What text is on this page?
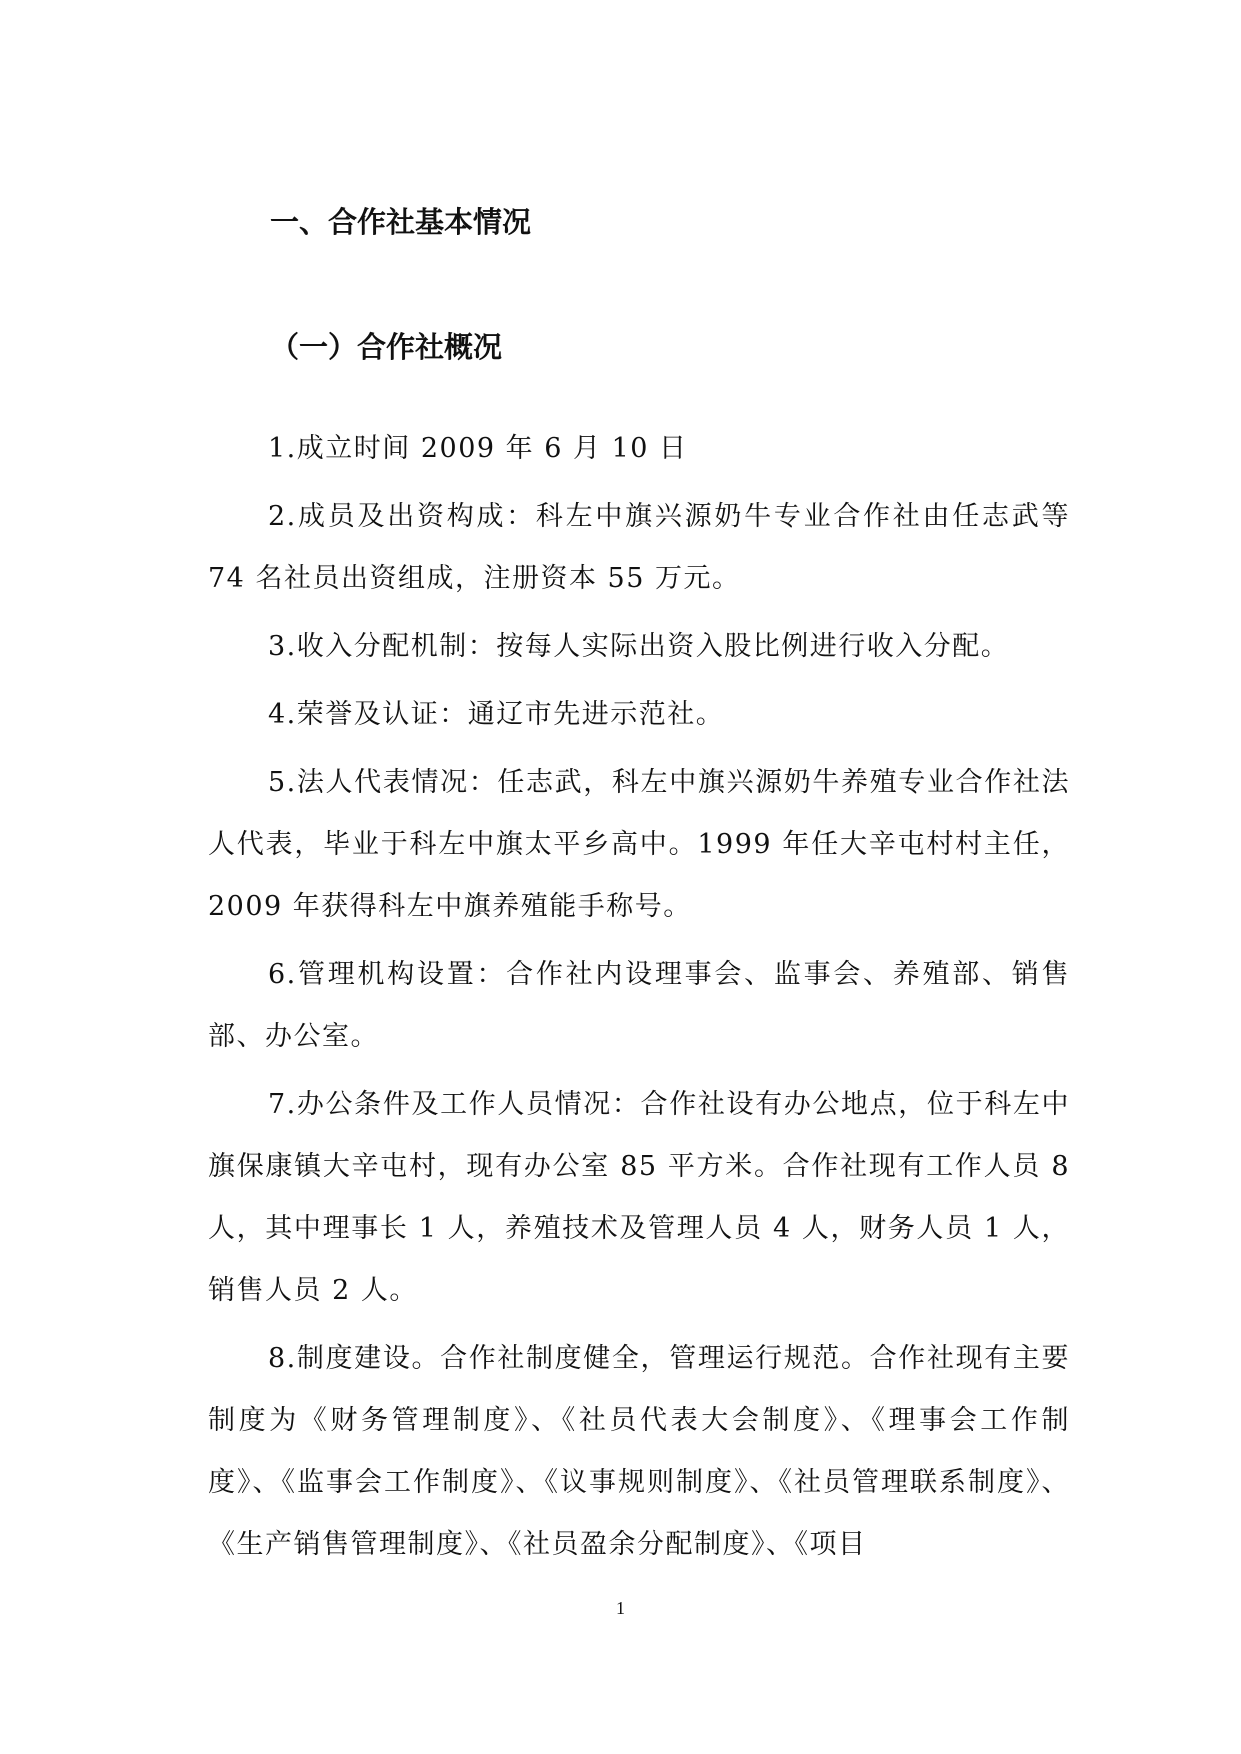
一、合作社基本情况
（一）合作社概况

1.成立时间 2009 年 6 月 10 日

2.成员及出资构成：科左中旗兴源奶牛专业合作社由任志武等 74 名社员出资组成，注册资本 55 万元。

3.收入分配机制：按每人实际出资入股比例进行收入分配。

4.荣誉及认证：通辽市先进示范社。

5.法人代表情况：任志武，科左中旗兴源奶牛养殖专业合作社法人代表，毕业于科左中旗太平乡高中。1999 年任大辛屯村村主任，2009 年获得科左中旗养殖能手称号。

6.管理机构设置：合作社内设理事会、监事会、养殖部、销售部、办公室。

7.办公条件及工作人员情况：合作社设有办公地点，位于科左中旗保康镇大辛屯村，现有办公室 85 平方米。合作社现有工作人员 8 人，其中理事长 1 人，养殖技术及管理人员 4 人，财务人员 1 人，销售人员 2 人。

8.制度建设。合作社制度健全，管理运行规范。合作社现有主要制度为《财务管理制度》、《社员代表大会制度》、《理事会工作制度》、《监事会工作制度》、《议事规则制度》、《社员管理联系制度》、《生产销售管理制度》、《社员盈余分配制度》、《项目

1
